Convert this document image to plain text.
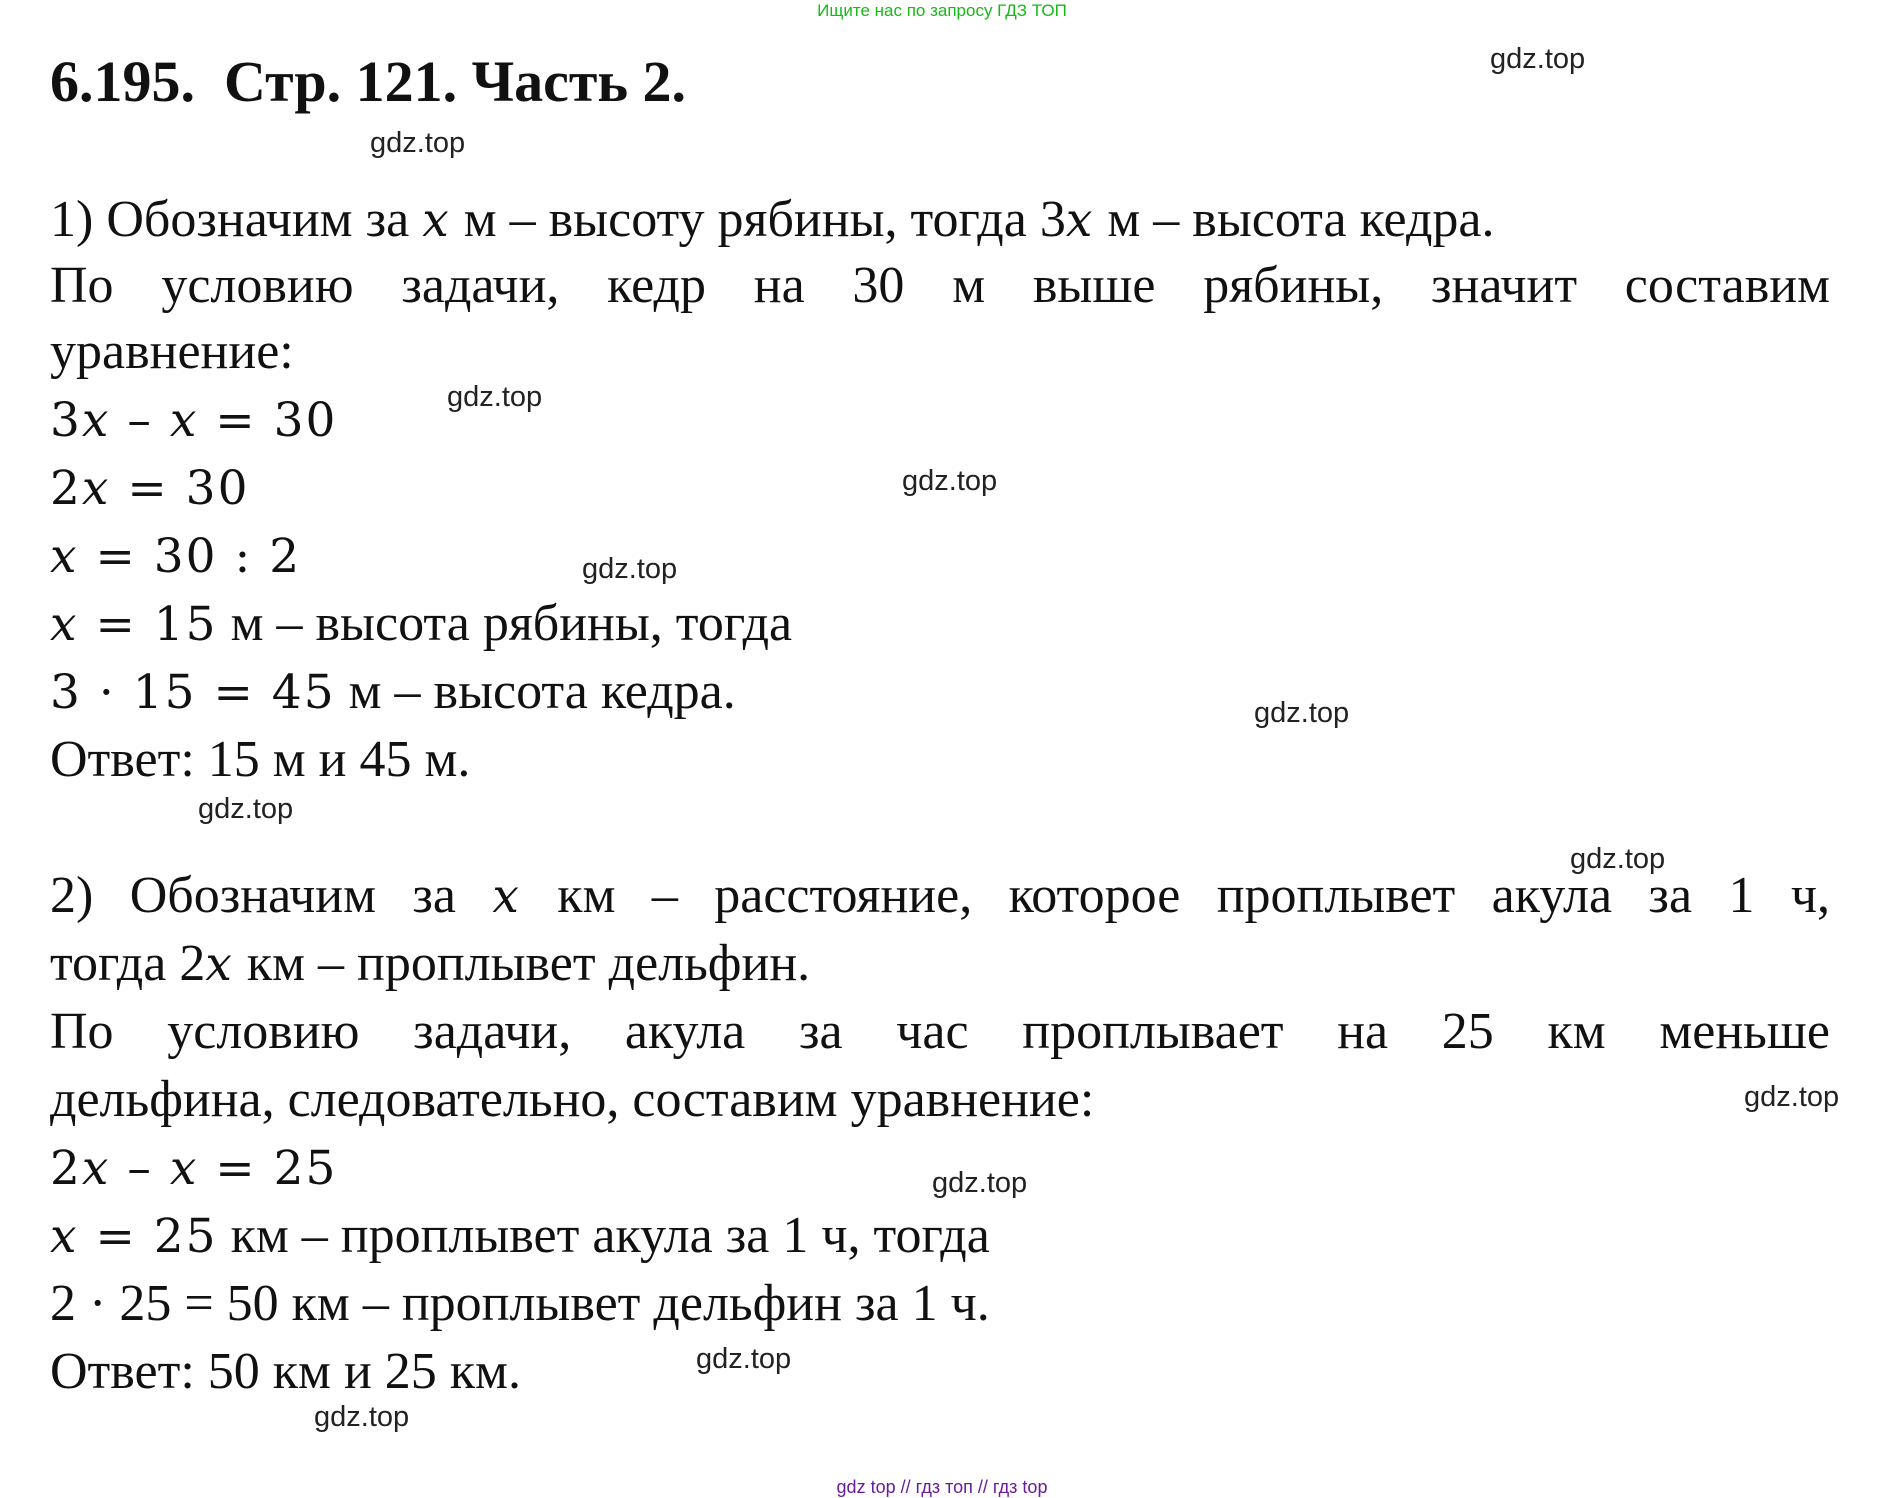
Ищите нас по запросу ГДЗ ТОП
6.195.  Стр. 121. Часть 2.
1) Обозначим за x м – высоту рябины, тогда 3x м – высота кедра.
По условию задачи, кедр на 30 м выше рябины, значит составим
уравнение:
3x – x = 30
2x = 30
x = 30 : 2
x = 15 м – высота рябины, тогда
3 · 15 = 45 м – высота кедра.
Ответ: 15 м и 45 м.
2) Обозначим за x км – расстояние, которое проплывет акула за 1 ч,
тогда 2x км – проплывет дельфин.
По условию задачи, акула за час проплывает на 25 км меньше
дельфина, следовательно, составим уравнение:
2x – x = 25
x = 25 км – проплывет акула за 1 ч, тогда
2 · 25 = 50 км – проплывет дельфин за 1 ч.
Ответ: 50 км и 25 км.
gdz.top
gdz.top
gdz.top
gdz.top
gdz.top
gdz.top
gdz.top
gdz.top
gdz.top
gdz.top
gdz.top
gdz.top
gdz top // гдз топ // гдз top
